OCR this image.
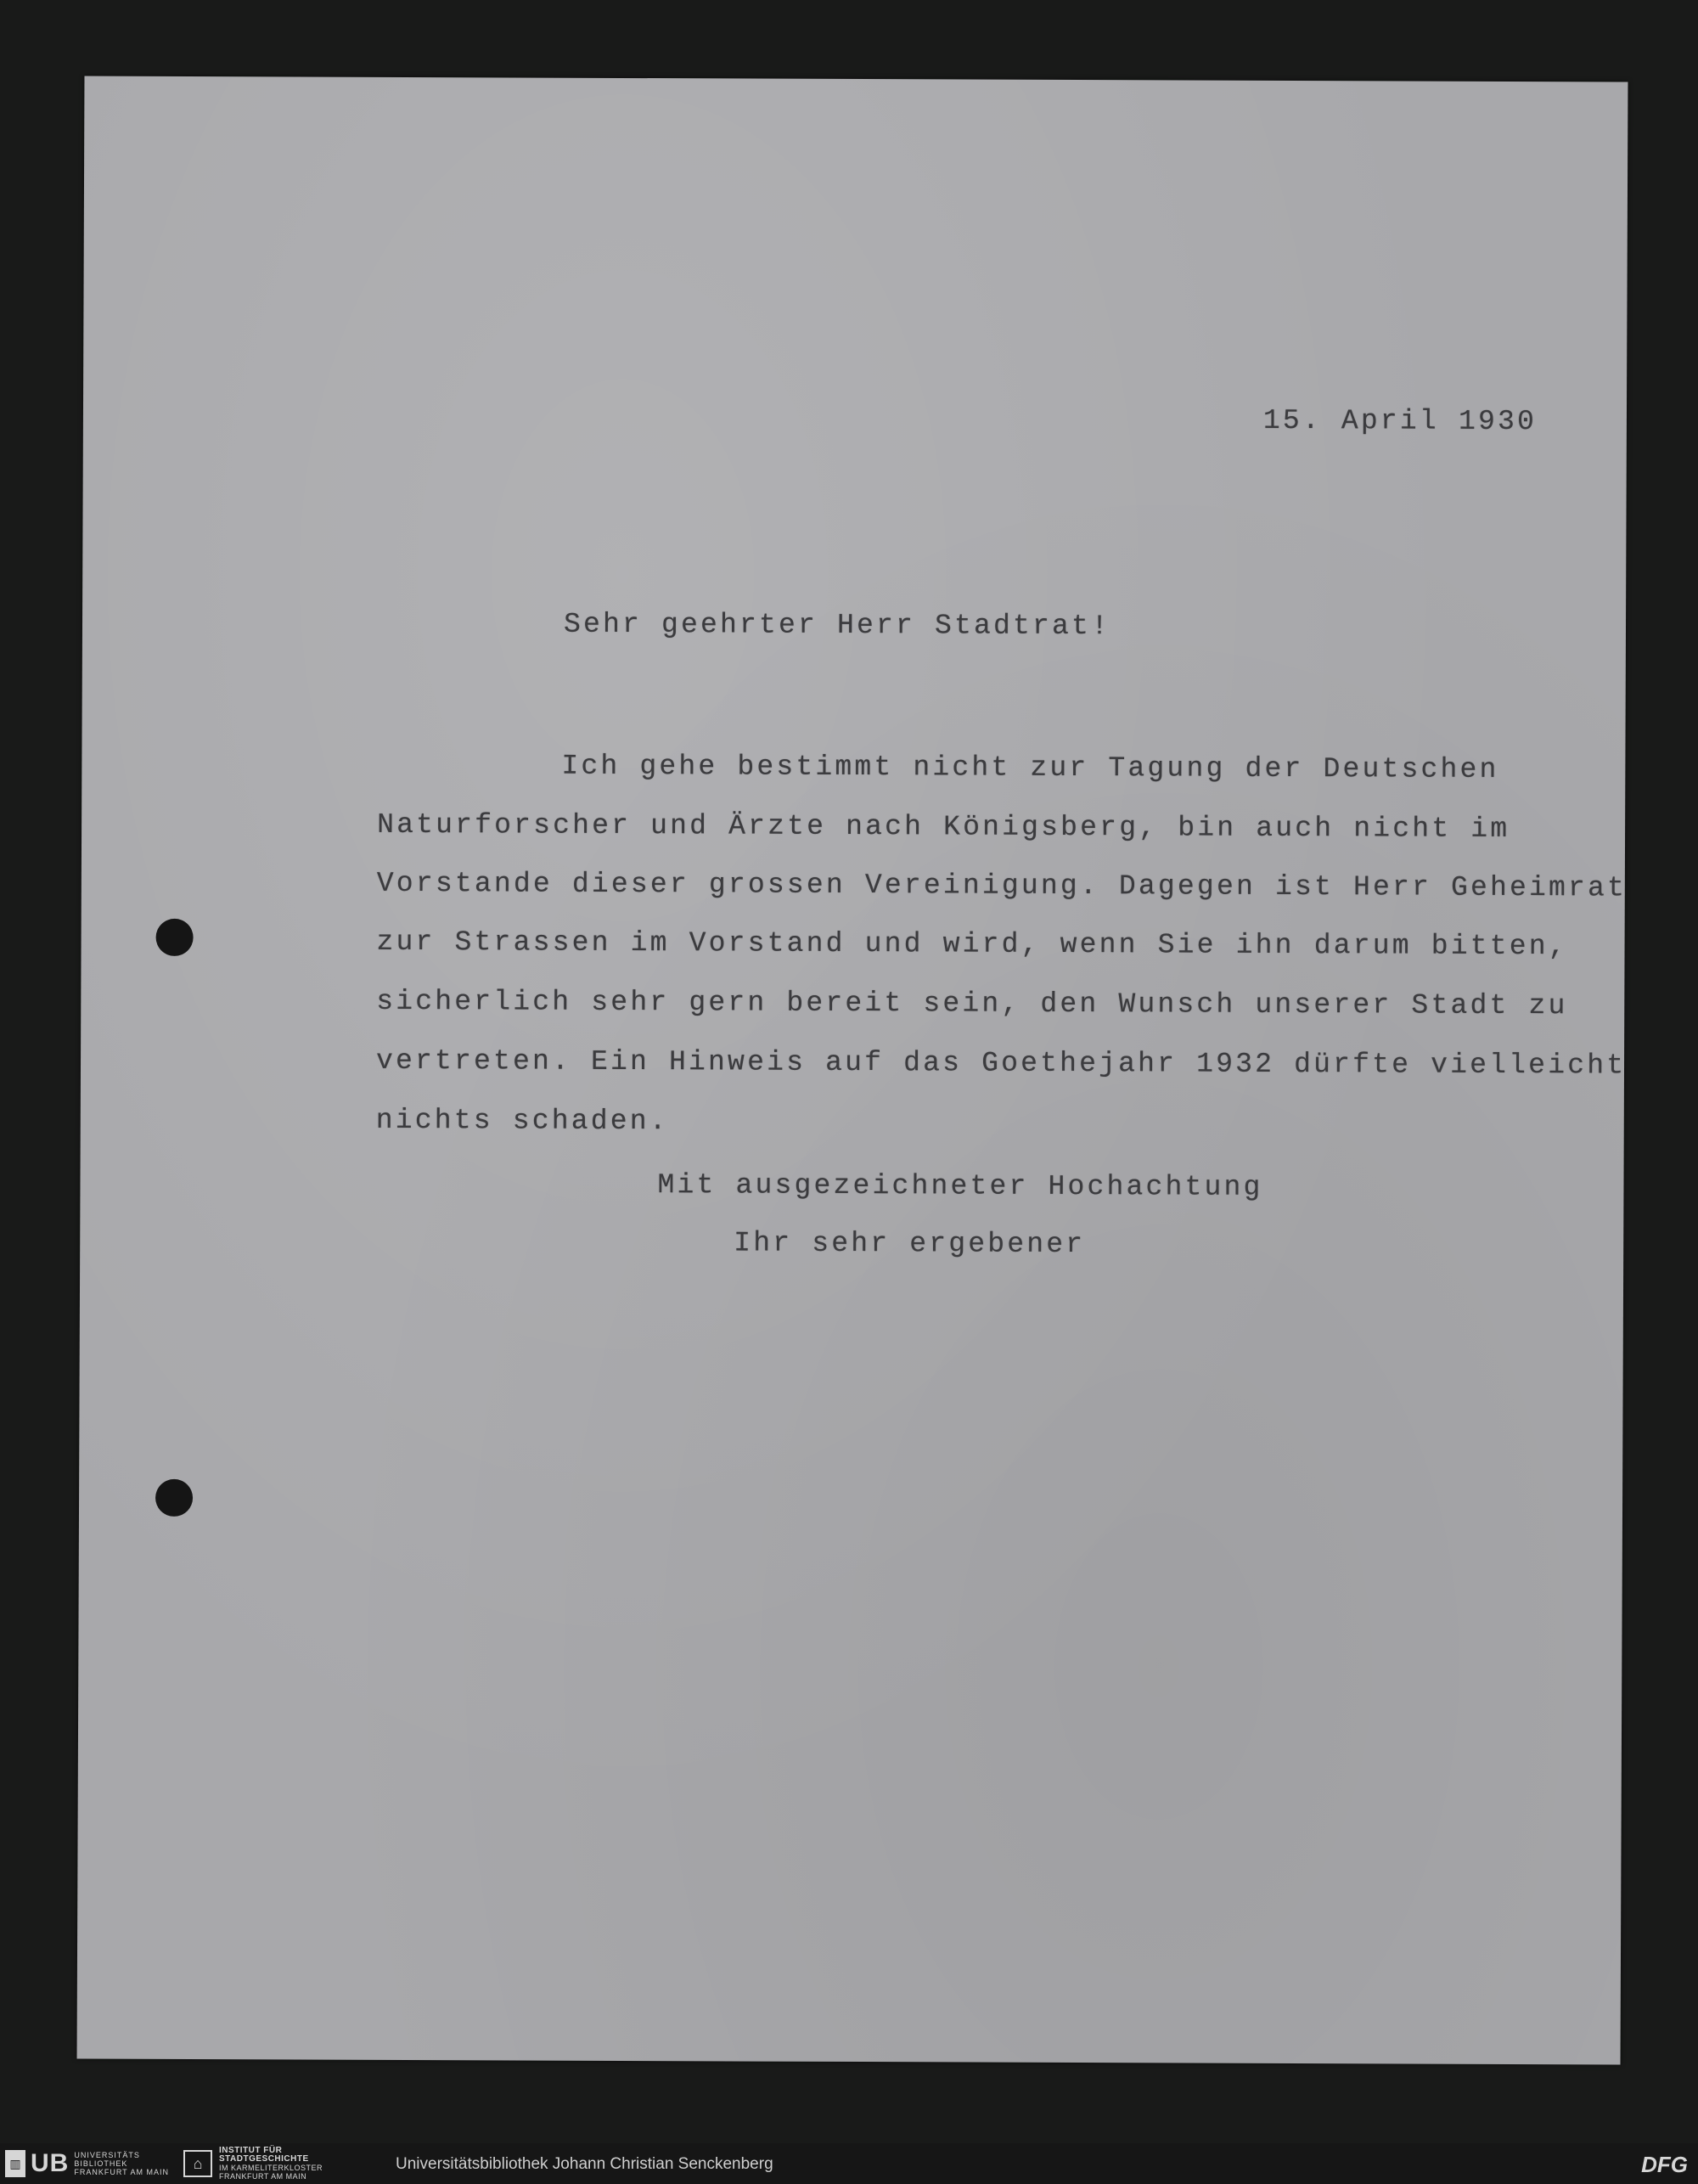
15. April 1930

Sehr geehrter Herr Stadtrat!

Ich gehe bestimmt nicht zur Tagung der Deutschen

Naturforscher und Ärzte nach Königsberg, bin auch nicht im

Vorstande dieser grossen Vereinigung. Dagegen ist Herr Geheimrat

zur Strassen im Vorstand und wird, wenn Sie ihn darum bitten,

sicherlich sehr gern bereit sein, den Wunsch unserer Stadt zu

vertreten. Ein Hinweis auf das Goethejahr 1932 dürfte vielleicht

nichts schaden.

Mit ausgezeichneter Hochachtung

Ihr sehr ergebener

▥ UB UNIVERSITÄTS
BIBLIOTHEK
FRANKFURT AM MAIN
⌂
INSTITUT FÜR
STADTGESCHICHTE
IM KARMELITERKLOSTER
FRANKFURT AM MAIN
Universitätsbibliothek Johann Christian Senckenberg	DFG
